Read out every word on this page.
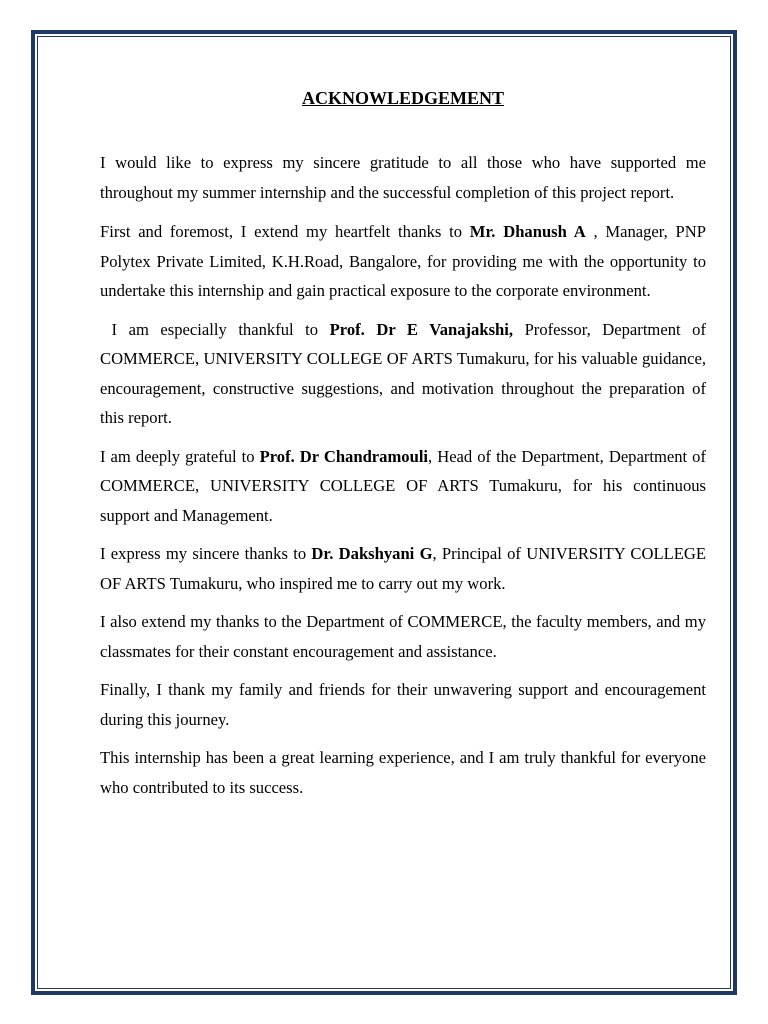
ACKNOWLEDGEMENT

I would like to express my sincere gratitude to all those who have supported me throughout my summer internship and the successful completion of this project report.

First and foremost, I extend my heartfelt thanks to Mr. Dhanush A , Manager, PNP Polytex Private Limited, K.H.Road, Bangalore, for providing me with the opportunity to undertake this internship and gain practical exposure to the corporate environment.

I am especially thankful to Prof. Dr E Vanajakshi, Professor, Department of COMMERCE, UNIVERSITY COLLEGE OF ARTS Tumakuru, for his valuable guidance, encouragement, constructive suggestions, and motivation throughout the preparation of this report.

I am deeply grateful to Prof. Dr Chandramouli, Head of the Department, Department of COMMERCE, UNIVERSITY COLLEGE OF ARTS Tumakuru, for his continuous support and Management.

I express my sincere thanks to Dr. Dakshyani G, Principal of UNIVERSITY COLLEGE OF ARTS Tumakuru, who inspired me to carry out my work.

I also extend my thanks to the Department of COMMERCE, the faculty members, and my classmates for their constant encouragement and assistance.

Finally, I thank my family and friends for their unwavering support and encouragement during this journey.

This internship has been a great learning experience, and I am truly thankful for everyone who contributed to its success.
